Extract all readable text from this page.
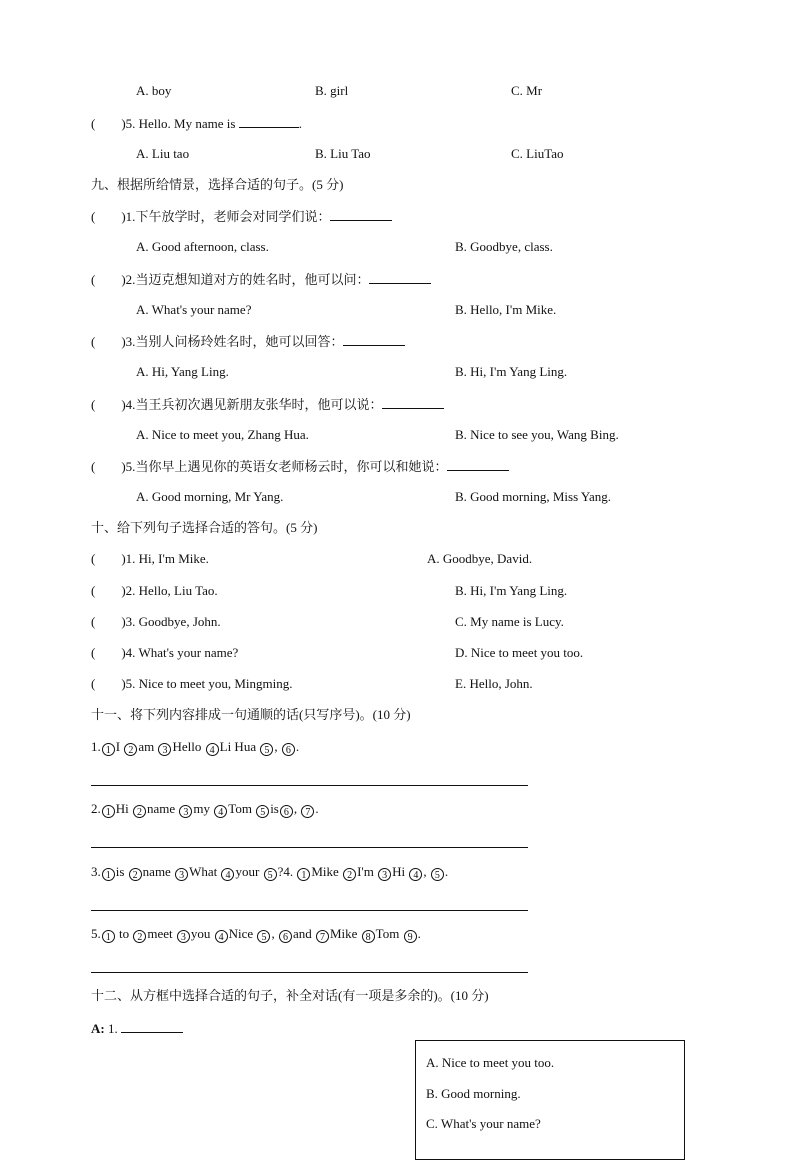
A. boy	B. girl	C. Mr
( )5. Hello. My name is	.
A. Liu tao	B. Liu Tao	C. LiuTao
九、根据所给情景，选择合适的句子。(5 分)
( )1.下午放学时，老师会对同学们说：
A. Good afternoon, class.	B. Goodbye, class.
( )2.当迈克想知道对方的姓名时，他可以问：
A. What's your name?	B. Hello, I'm Mike.
( )3.当别人问杨玲姓名时，她可以回答：
A. Hi, Yang Ling.	B. Hi, I'm Yang Ling.
( )4.当王兵初次遇见新朋友张华时，他可以说：
A. Nice to meet you, Zhang Hua.	B. Nice to see you, Wang Bing.
( )5.当你早上遇见你的英语女老师杨云时，你可以和她说：
A. Good morning, Mr Yang.	B. Good morning, Miss Yang.
十、给下列句子选择合适的答句。(5 分)
( )1. Hi, I'm Mike.	A. Goodbye, David.
( )2. Hello, Liu Tao.	B. Hi, I'm Yang Ling.
( )3. Goodbye, John.	C. My name is Lucy.
( )4. What's your name?	D. Nice to meet you too.
( )5. Nice to meet you, Mingming.	E. Hello, John.
十一、将下列内容排成一句通顺的话(只写序号)。(10 分)
1. 1 I 2 am 3 Hello 4 Li Hua 5 , 6 .
2. 1 Hi 2 name 3 my 4 Tom 5 is 6 , 7 .
3. 1 is 2 name 3 What 4 your 5 ?4. 1 Mike 2 I'm 3 Hi 4 , 5 .
5. 1 to 2 meet 3 you 4 Nice 5 , 6 and 7 Mike 8 Tom 9 .
十二、从方框中选择合适的句子，补全对话(有一项是多余的)。(10 分)
A: 1.
A. Nice to meet you too.
B. Good morning.
C. What's your name?
